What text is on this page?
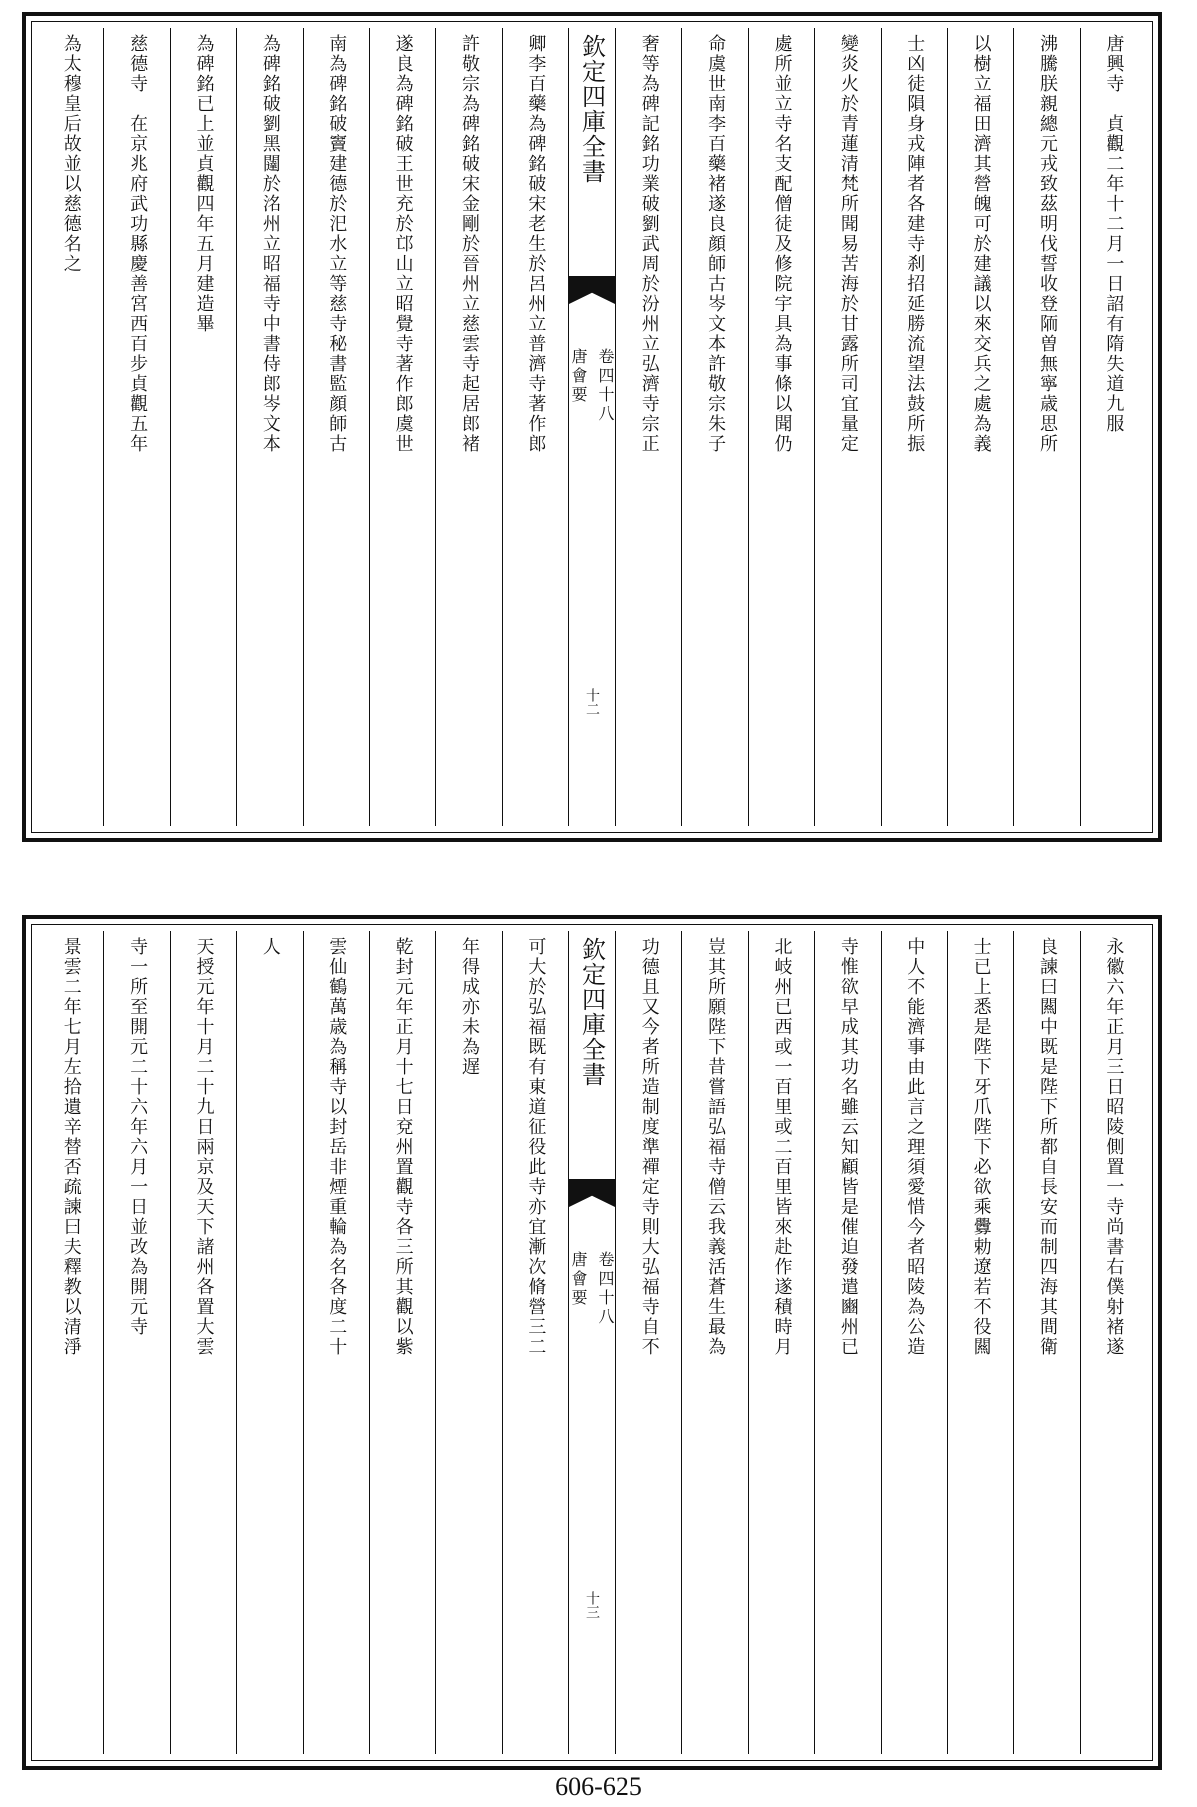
唐興寺　貞觀二年十二月一日詔有隋失道九服
沸騰朕親總元戎致茲明伐誓收登陑曽無寧歳思所
以樹立福田濟其營魄可於建議以來交兵之處為義
士凶徒隕身戎陣者各建寺刹招延勝流望法鼓所振
變炎火於青蓮清梵所聞易苦海於甘露所司宜量定
處所並立寺名支配僧徒及修院宇具為事條以聞仍
命虞世南李百藥褚遂良顔師古岑文本許敬宗朱子
奢等為碑記銘功業破劉武周於汾州立弘濟寺宗正
欽定四庫全書
唐會要 卷四十八
十二
卿李百藥為碑銘破宋老生於呂州立普濟寺著作郎
許敬宗為碑銘破宋金剛於晉州立慈雲寺起居郎褚
遂良為碑銘破王世充於邙山立昭覺寺著作郎虞世
南為碑銘破竇建德於汜水立等慈寺秘書監顔師古
為碑銘破劉黑闥於洺州立昭福寺中書侍郎岑文本
為碑銘已上並貞觀四年五月建造畢
慈德寺　在京兆府武功縣慶善宮西百步貞觀五年
為太穆皇后故並以慈德名之
永徽六年正月三日昭陵側置一寺尚書右僕射褚遂
良諫曰闗中既是陛下所都自長安而制四海其間衛
士已上悉是陛下牙爪陛下必欲乘釁勅遼若不役闗
中人不能濟事由此言之理須愛惜今者昭陵為公造
寺惟欲早成其功名雖云知顧皆是催迫發遣豳州已
北岐州已西或一百里或二百里皆來赴作遂積時月
豈其所願陛下昔嘗語弘福寺僧云我義活蒼生最為
功德且又今者所造制度準禪定寺則大弘福寺自不
欽定四庫全書
唐會要 卷四十八
十三
可大於弘福既有東道征役此寺亦宜漸次脩營三二
年得成亦未為遅
乾封元年正月十七日兗州置觀寺各三所其觀以紫
雲仙鶴萬歳為稱寺以封岳非煙重輪為名各度二十
人
天授元年十月二十九日兩京及天下諸州各置大雲
寺一所至開元二十六年六月一日並改為開元寺
景雲二年七月左拾遺辛替否疏諫曰夫釋教以清淨
606-625
